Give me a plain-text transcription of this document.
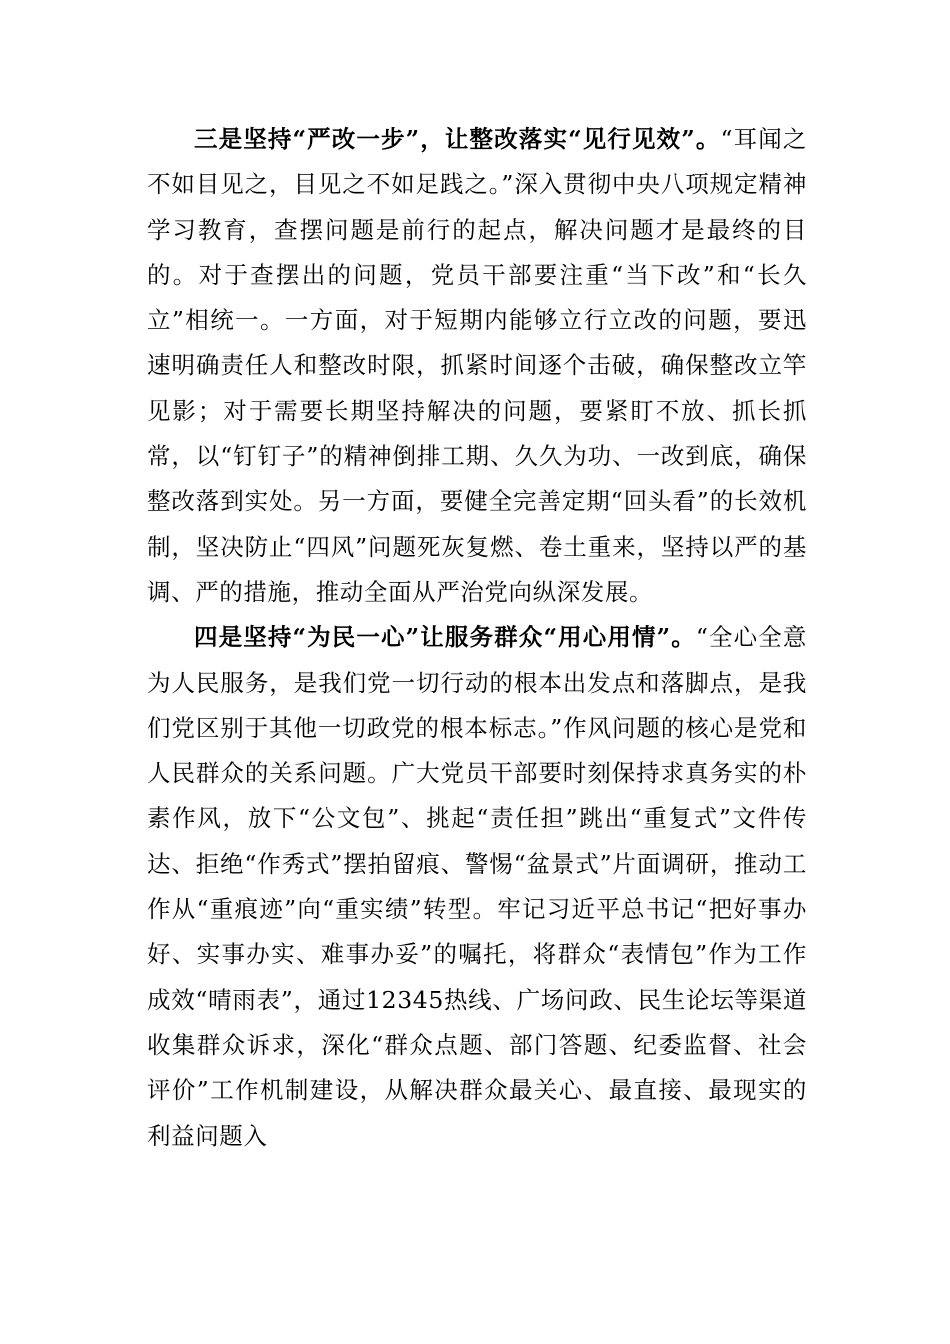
三是坚持“严改一步”，让整改落实“见行见效”。“耳闻之不如目见之，目见之不如足践之。”深入贯彻中央八项规定精神学习教育，查摆问题是前行的起点，解决问题才是最终的目的。对于查摆出的问题，党员干部要注重“当下改”和“长久立”相统一。一方面，对于短期内能够立行立改的问题，要迅速明确责任人和整改时限，抓紧时间逐个击破，确保整改立竿见影；对于需要长期坚持解决的问题，要紧盯不放、抓长抓常，以“钉钉子”的精神倒排工期、久久为功、一改到底，确保整改落到实处。另一方面，要健全完善定期“回头看”的长效机制，坚决防止“四风”问题死灰复燃、卷土重来，坚持以严的基调、严的措施，推动全面从严治党向纵深发展。

四是坚持“为民一心”让服务群众“用心用情”。“全心全意为人民服务，是我们党一切行动的根本出发点和落脚点，是我们党区别于其他一切政党的根本标志。”作风问题的核心是党和人民群众的关系问题。广大党员干部要时刻保持求真务实的朴素作风，放下“公文包”、挑起“责任担”跳出“重复式”文件传达、拒绝“作秀式”摆拍留痕、警惕“盆景式”片面调研，推动工作从“重痕迹”向“重实绩”转型。牢记习近平总书记“把好事办好、实事办实、难事办妥”的嘱托，将群众“表情包”作为工作成效“晴雨表”，通过12345热线、广场问政、民生论坛等渠道收集群众诉求，深化“群众点题、部门答题、纪委监督、社会评价”工作机制建设，从解决群众最关心、最直接、最现实的利益问题入
